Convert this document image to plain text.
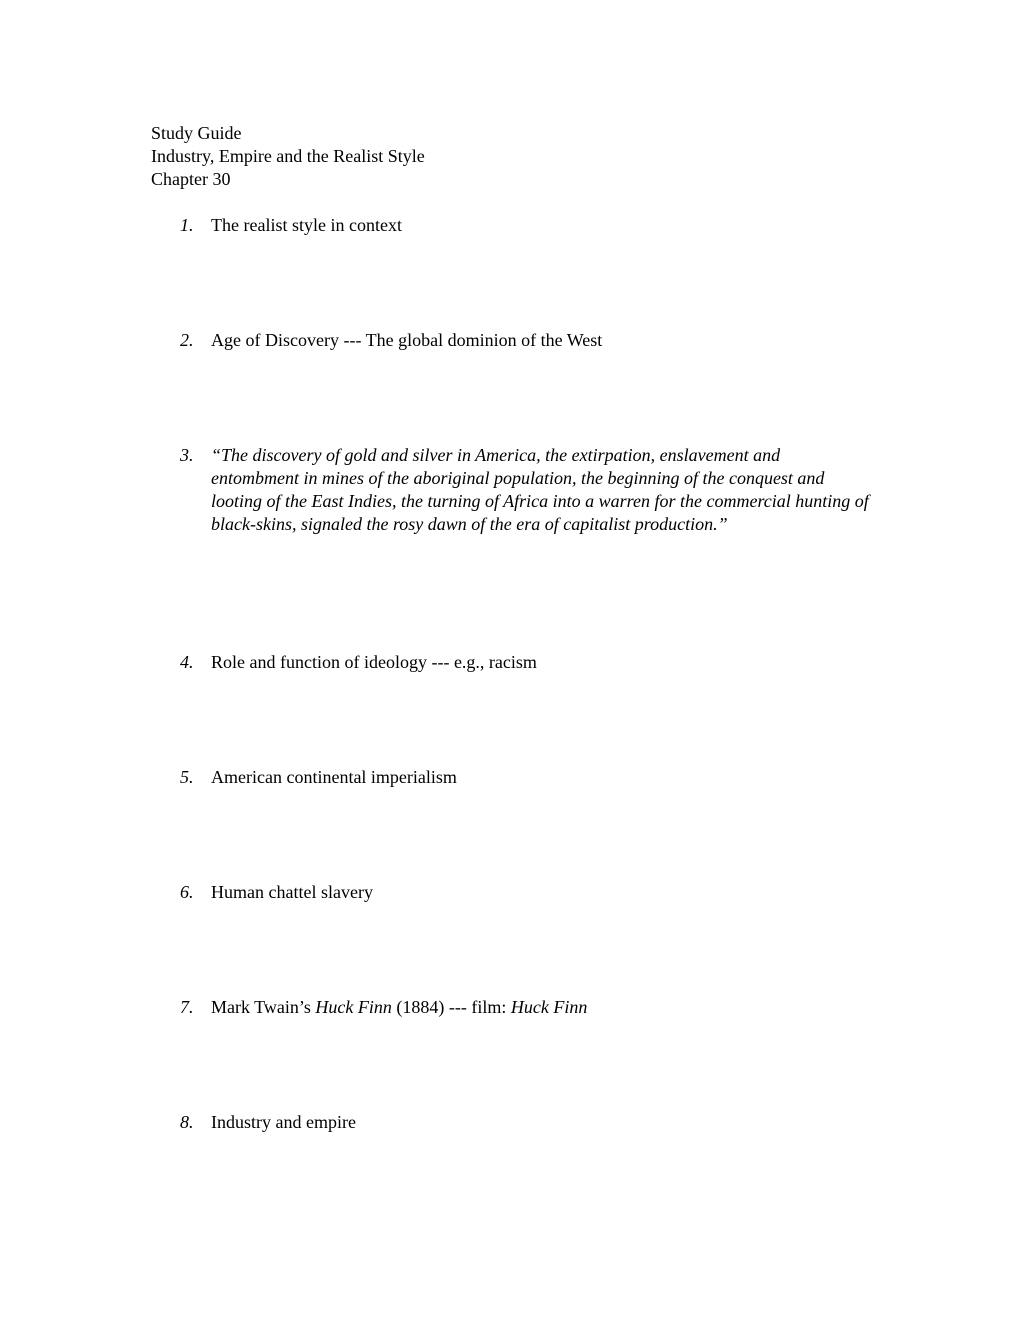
Study Guide
Industry, Empire and the Realist Style
Chapter 30
1. The realist style in context
2. Age of Discovery --- The global dominion of the West
3. “The discovery of gold and silver in America, the extirpation, enslavement and entombment in mines of the aboriginal population, the beginning of the conquest and looting of the East Indies, the turning of Africa into a warren for the commercial hunting of black-skins, signaled the rosy dawn of the era of capitalist production.”
4. Role and function of ideology --- e.g., racism
5. American continental imperialism
6. Human chattel slavery
7. Mark Twain’s Huck Finn (1884) --- film: Huck Finn
8. Industry and empire
